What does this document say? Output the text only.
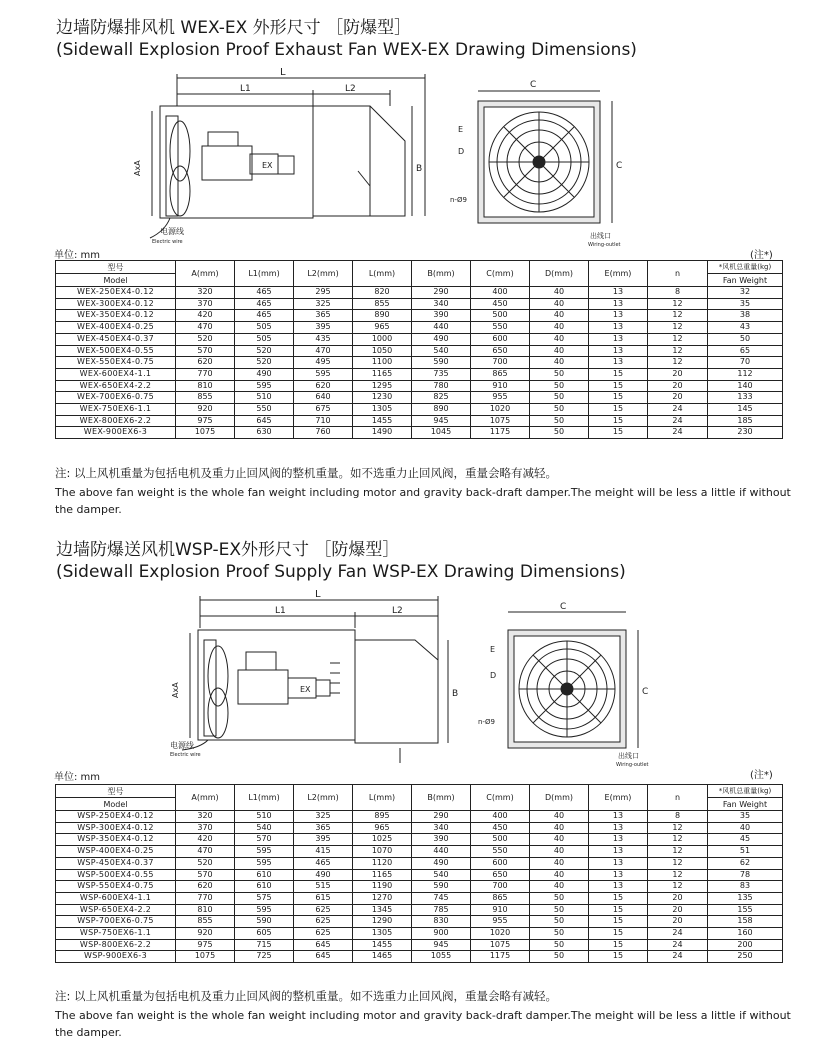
边墙防爆排风机 WEX-EX 外形尺寸 ［防爆型］
(Sidewall Explosion Proof Exhaust Fan WEX-EX Drawing Dimensions)
L
L1	L2
EX	B
AxA
电源线
Electric wire
C
C
E
D
n-Ø9
出线口
Wiring-outlet
单位: mm	(注*)
型号	A(mm)	L1(mm)	L2(mm)	L(mm)	B(mm)	C(mm)	D(mm)	E(mm)	n	*风机总重量(kg)
Model										Fan Weight
WEX-250EX4-0.12	320	465	295	820	290	400	40	13	8	32
WEX-300EX4-0.12	370	465	325	855	340	450	40	13	12	35
WEX-350EX4-0.12	420	465	365	890	390	500	40	13	12	38
WEX-400EX4-0.25	470	505	395	965	440	550	40	13	12	43
WEX-450EX4-0.37	520	505	435	1000	490	600	40	13	12	50
WEX-500EX4-0.55	570	520	470	1050	540	650	40	13	12	65
WEX-550EX4-0.75	620	520	495	1100	590	700	40	13	12	70
WEX-600EX4-1.1	770	490	595	1165	735	865	50	15	20	112
WEX-650EX4-2.2	810	595	620	1295	780	910	50	15	20	140
WEX-700EX6-0.75	855	510	640	1230	825	955	50	15	20	133
WEX-750EX6-1.1	920	550	675	1305	890	1020	50	15	24	145
WEX-800EX6-2.2	975	645	710	1455	945	1075	50	15	24	185
WEX-900EX6-3	1075	630	760	1490	1045	1175	50	15	24	230
注: 以上风机重量为包括电机及重力止回风阀的整机重量。如不选重力止回风阀，重量会略有减轻。
The above fan weight is the whole fan weight including motor and gravity back-draft damper.The meight will be less a little if without the damper.
边墙防爆送风机WSP-EX外形尺寸 ［防爆型］
(Sidewall Explosion Proof Supply Fan WSP-EX Drawing Dimensions)
L
L1	L2
EX	B
AxA
电源线
Electric wire
C
C
E
D
n-Ø9
出线口
Wiring-outlet
单位: mm	(注*)
型号	A(mm)	L1(mm)	L2(mm)	L(mm)	B(mm)	C(mm)	D(mm)	E(mm)	n	*风机总重量(kg)
Model										Fan Weight
WSP-250EX4-0.12	320	510	325	895	290	400	40	13	8	35
WSP-300EX4-0.12	370	540	365	965	340	450	40	13	12	40
WSP-350EX4-0.12	420	570	395	1025	390	500	40	13	12	45
WSP-400EX4-0.25	470	595	415	1070	440	550	40	13	12	51
WSP-450EX4-0.37	520	595	465	1120	490	600	40	13	12	62
WSP-500EX4-0.55	570	610	490	1165	540	650	40	13	12	78
WSP-550EX4-0.75	620	610	515	1190	590	700	40	13	12	83
WSP-600EX4-1.1	770	575	615	1270	745	865	50	15	20	135
WSP-650EX4-2.2	810	595	625	1345	785	910	50	15	20	155
WSP-700EX6-0.75	855	590	625	1290	830	955	50	15	20	158
WSP-750EX6-1.1	920	605	625	1305	900	1020	50	15	24	160
WSP-800EX6-2.2	975	715	645	1455	945	1075	50	15	24	200
WSP-900EX6-3	1075	725	645	1465	1055	1175	50	15	24	250
注: 以上风机重量为包括电机及重力止回风阀的整机重量。如不选重力止回风阀，重量会略有减轻。
The above fan weight is the whole fan weight including motor and gravity back-draft damper.The meight will be less a little if without the damper.
